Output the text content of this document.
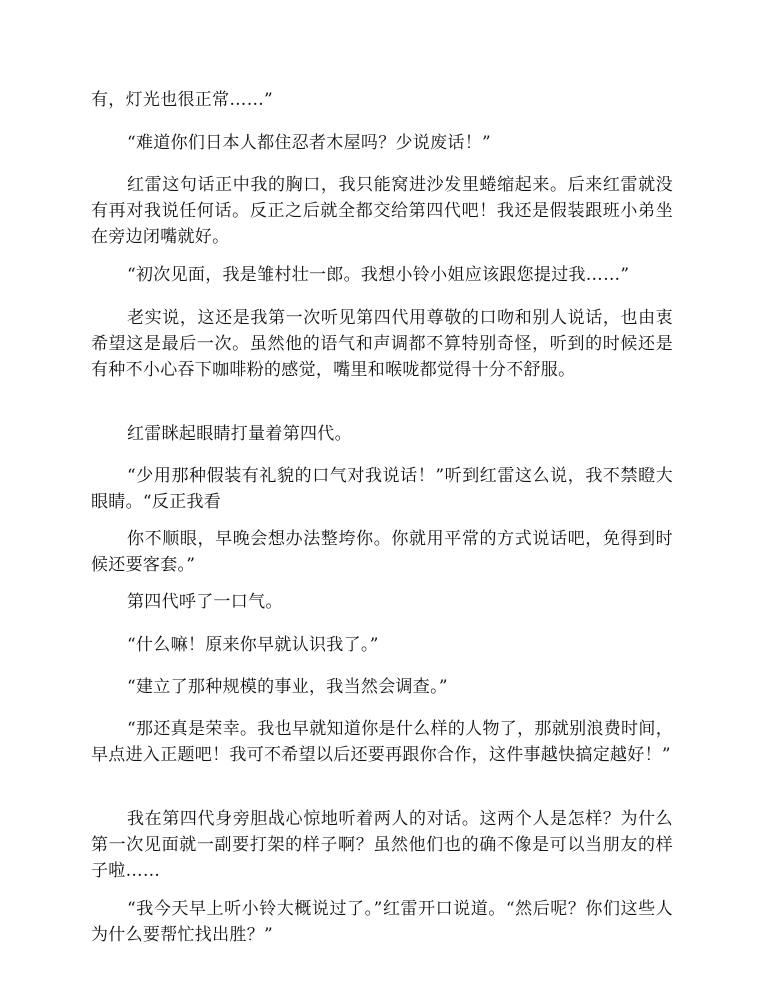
有，灯光也很正常……”

“难道你们日本人都住忍者木屋吗？少说废话！”

红雷这句话正中我的胸口，我只能窝进沙发里蜷缩起来。后来红雷就没有再对我说任何话。反正之后就全都交给第四代吧！我还是假装跟班小弟坐在旁边闭嘴就好。

“初次见面，我是雏村壮一郎。我想小铃小姐应该跟您提过我……”

老实说，这还是我第一次听见第四代用尊敬的口吻和别人说话，也由衷希望这是最后一次。虽然他的语气和声调都不算特别奇怪，听到的时候还是有种不小心吞下咖啡粉的感觉，嘴里和喉咙都觉得十分不舒服。

红雷眯起眼睛打量着第四代。

“少用那种假装有礼貌的口气对我说话！”听到红雷这么说，我不禁瞪大眼睛。“反正我看

你不顺眼，早晚会想办法整垮你。你就用平常的方式说话吧，免得到时候还要客套。”

第四代呼了一口气。

“什么嘛！原来你早就认识我了。”

“建立了那种规模的事业，我当然会调查。”

“那还真是荣幸。我也早就知道你是什么样的人物了，那就别浪费时间，早点进入正题吧！我可不希望以后还要再跟你合作，这件事越快搞定越好！”

我在第四代身旁胆战心惊地听着两人的对话。这两个人是怎样？为什么第一次见面就一副要打架的样子啊？虽然他们也的确不像是可以当朋友的样子啦……

“我今天早上听小铃大概说过了。”红雷开口说道。“然后呢？你们这些人为什么要帮忙找出胜？”
